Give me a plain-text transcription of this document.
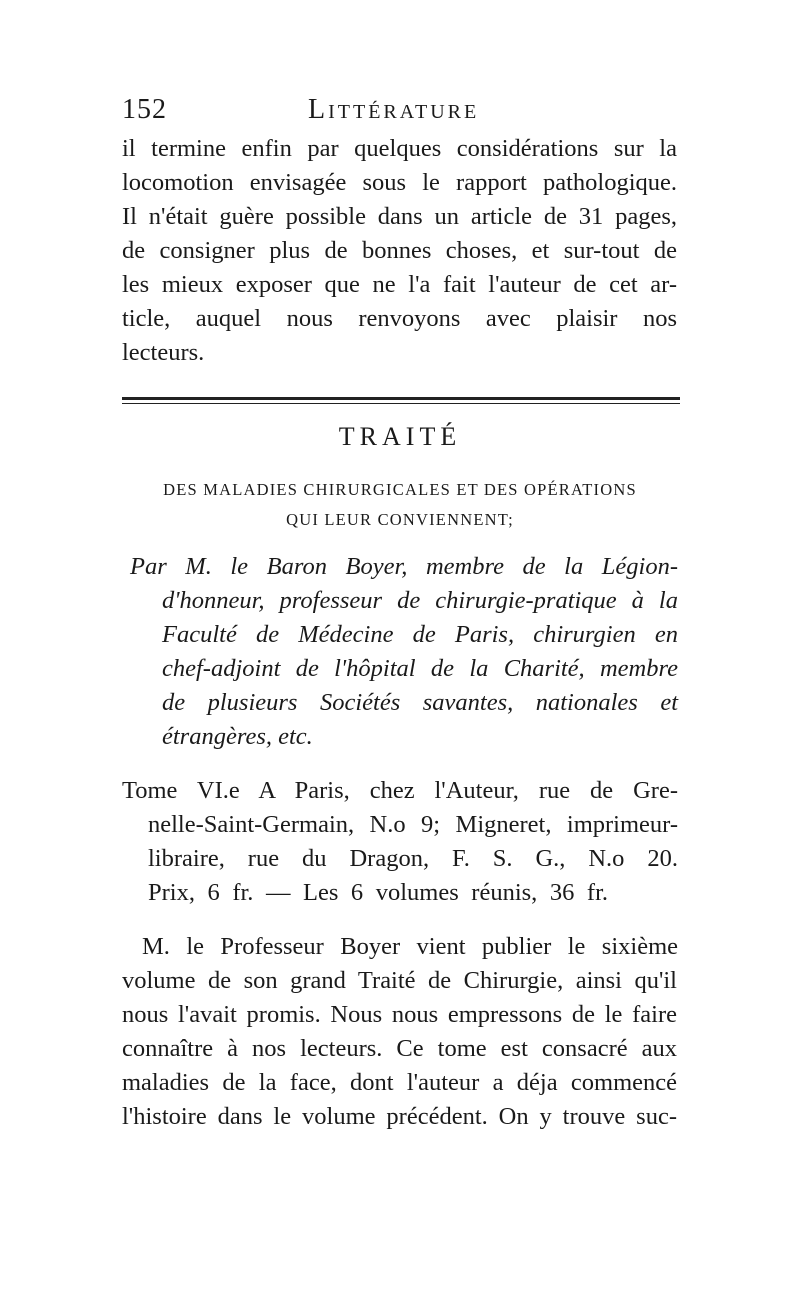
152	Littérature
il termine enfin par quelques considérations sur la
locomotion envisagée sous le rapport pathologique.
Il n'était guère possible dans un article de 31 pages,
de consigner plus de bonnes choses, et sur-tout de
les mieux exposer que ne l'a fait l'auteur de cet ar-
ticle, auquel nous renvoyons avec plaisir nos
lecteurs.
TRAITÉ
DES MALADIES CHIRURGICALES ET DES OPÉRATIONS
QUI LEUR CONVIENNENT;
Par M. le Baron Boyer, membre de la Légion-
d'honneur, professeur de chirurgie-pratique à la
Faculté de Médecine de Paris, chirurgien en
chef-adjoint de l'hôpital de la Charité, membre
de plusieurs Sociétés savantes, nationales et
étrangères, etc.
Tome VI.e A Paris, chez l'Auteur, rue de Gre-
nelle-Saint-Germain, N.o 9; Migneret, imprimeur-
libraire, rue du Dragon, F. S. G., N.o 20.
Prix, 6 fr. — Les 6 volumes réunis, 36 fr.
M. le Professeur Boyer vient publier le sixième
volume de son grand Traité de Chirurgie, ainsi qu'il
nous l'avait promis. Nous nous empressons de le faire
connaître à nos lecteurs. Ce tome est consacré aux
maladies de la face, dont l'auteur a déja commencé
l'histoire dans le volume précédent. On y trouve suc-
